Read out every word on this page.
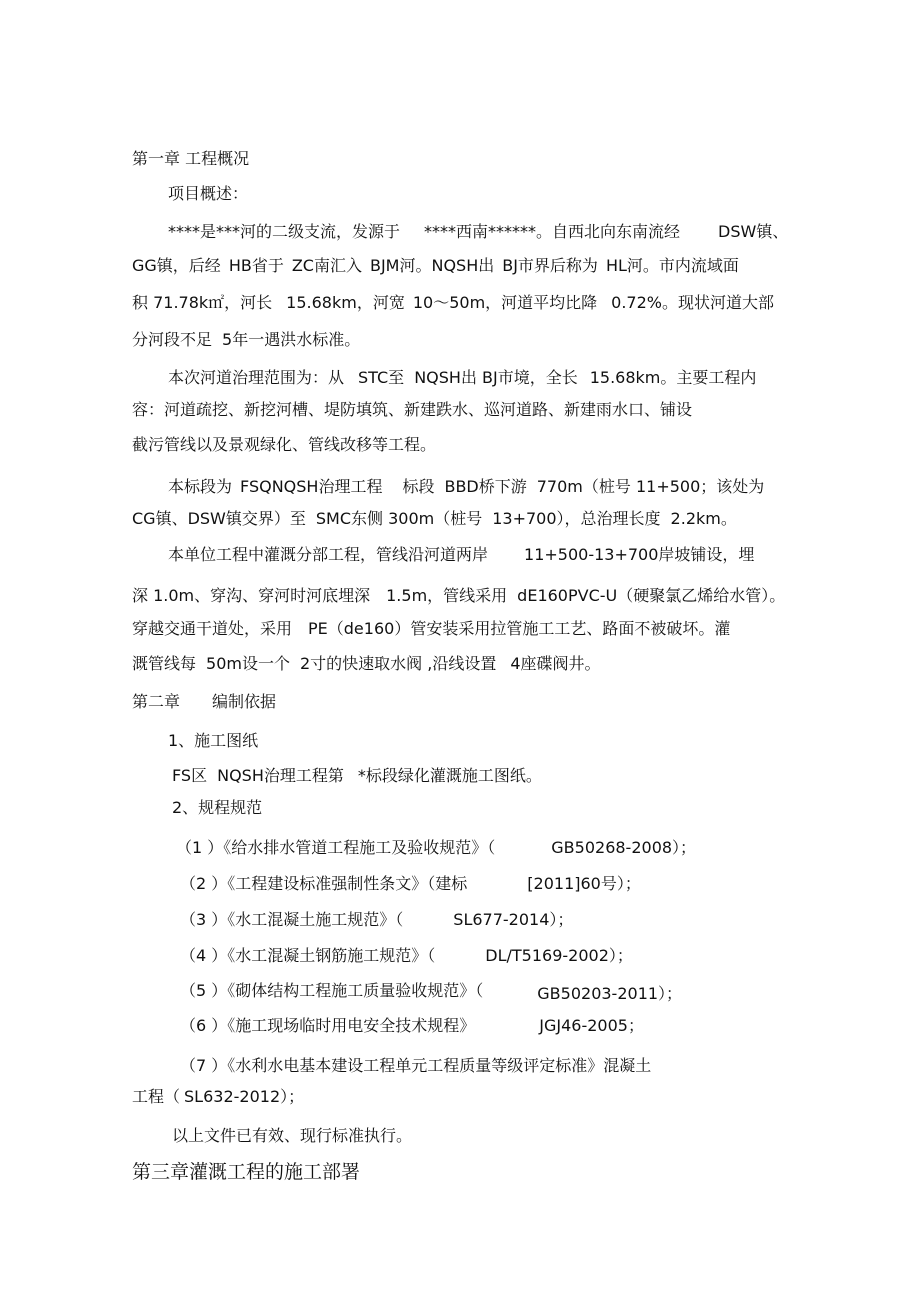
第一章 工程概况
项目概述：
****是***河的二级支流，发源于 ****西南******。自西北向东南流经 DSW镇、
GG镇，后经 HB省于 ZC南汇入 BJM河。NQSH出 BJ市界后称为 HL河。市内流域面
积 71.78k㎡，河长 15.68km，河宽 10～50m，河道平均比降 0.72%。现状河道大部
分河段不足 5年一遇洪水标准。
本次河道治理范围为：从 STC至 NQSH出 BJ市境，全长 15.68km。主要工程内
容：河道疏挖、新挖河槽、堤防填筑、新建跌水、巡河道路、新建雨水口、铺设
截污管线以及景观绿化、管线改移等工程。
本标段为 FSQNQSH治理工程 标段 BBD桥下游 770m（桩号 11+500；该处为
CG镇、DSW镇交界）至 SMC东侧 300m（桩号 13+700），总治理长度 2.2km。
本单位工程中灌溉分部工程，管线沿河道两岸 11+500-13+700岸坡铺设，埋
深 1.0m、穿沟、穿河时河底埋深 1.5m，管线采用 dE160PVC-U（硬聚氯乙烯给水管）。
穿越交通干道处，采用 PE（de160）管安装采用拉管施工工艺、路面不被破坏。灌
溉管线每 50m设一个 2寸的快速取水阀 ,沿线设置 4座碟阀井。
第二章 编制依据
1、施工图纸
FS区 NQSH治理工程第 *标段绿化灌溉施工图纸。
2、规程规范
（1 ）《给水排水管道工程施工及验收规范》（	GB50268-2008）；
（2 ）《工程建设标准强制性条文》（建标	[2011]60号）；
（3 ）《水工混凝土施工规范》（	SL677-2014）；
（4 ）《水工混凝土钢筋施工规范》（	DL/T5169-2002）；
（5 ）《砌体结构工程施工质量验收规范》（	GB50203-2011）；
（6 ）《施工现场临时用电安全技术规程》	JGJ46-2005；
（7 ）《水利水电基本建设工程单元工程质量等级评定标准》混凝土
工程（ SL632-2012）；
以上文件已有效、现行标准执行。
第三章灌溉工程的施工部署
